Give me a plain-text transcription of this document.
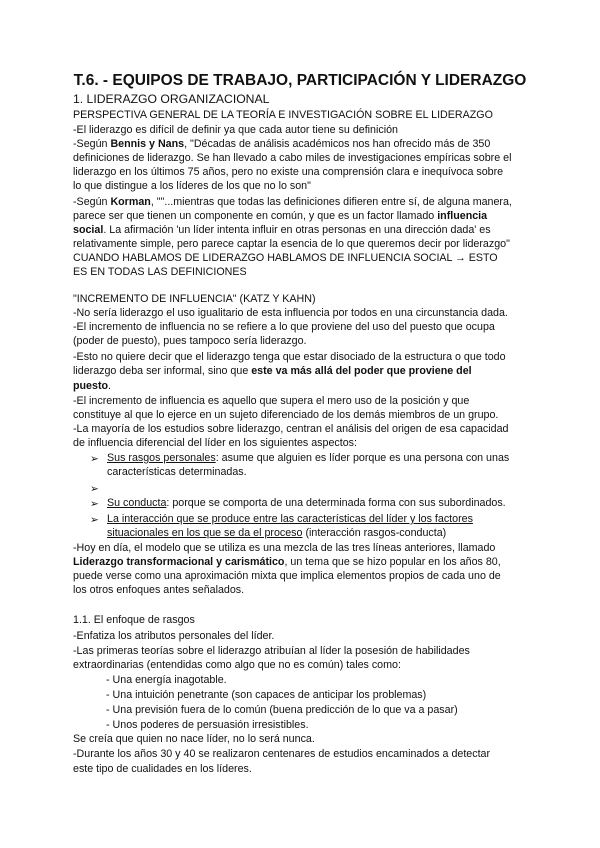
T.6. - EQUIPOS DE TRABAJO, PARTICIPACIÓN Y LIDERAZGO
1. LIDERAZGO ORGANIZACIONAL
PERSPECTIVA GENERAL DE LA TEORÍA E INVESTIGACIÓN SOBRE EL LIDERAZGO
-El liderazgo es difícil de definir ya que cada autor tiene su definición
-Según Bennis y Nans, "Décadas de análisis académicos nos han ofrecido más de 350
definiciones de liderazgo. Se han llevado a cabo miles de investigaciones empíricas sobre el
liderazgo en los últimos 75 años, pero no existe una comprensión clara e inequívoca sobre
lo que distingue a los líderes de los que no lo son"
-Según Korman, ""...mientras que todas las definiciones difieren entre sí, de alguna manera,
parece ser que tienen un componente en común, y que es un factor llamado influencia
social. La afirmación 'un líder intenta influir en otras personas en una dirección dada' es
relativamente simple, pero parece captar la esencia de lo que queremos decir por liderazgo"
CUANDO HABLAMOS DE LIDERAZGO HABLAMOS DE INFLUENCIA SOCIAL → ESTO
ES EN TODAS LAS DEFINICIONES
"INCREMENTO DE INFLUENCIA" (KATZ Y KAHN)
-No sería liderazgo el uso igualitario de esta influencia por todos en una circunstancia dada.
-El incremento de influencia no se refiere a lo que proviene del uso del puesto que ocupa
(poder de puesto), pues tampoco sería liderazgo.
-Esto no quiere decir que el liderazgo tenga que estar disociado de la estructura o que todo
liderazgo deba ser informal, sino que este va más allá del poder que proviene del
puesto.
-El incremento de influencia es aquello que supera el mero uso de la posición y que
constituye al que lo ejerce en un sujeto diferenciado de los demás miembros de un grupo.
-La mayoría de los estudios sobre liderazgo, centran el análisis del origen de esa capacidad
de influencia diferencial del líder en los siguientes aspectos:
➢ Sus rasgos personales: asume que alguien es líder porque es una persona con unas
características determinadas.
➢
➢ Su conducta: porque se comporta de una determinada forma con sus subordinados.
➢ La interacción que se produce entre las características del líder y los factores
situacionales en los que se da el proceso (interacción rasgos-conducta)
-Hoy en día, el modelo que se utiliza es una mezcla de las tres líneas anteriores, llamado
Liderazgo transformacional y carismático, un tema que se hizo popular en los años 80,
puede verse como una aproximación mixta que implica elementos propios de cada uno de
los otros enfoques antes señalados.
1.1. El enfoque de rasgos
-Enfatiza los atributos personales del líder.
-Las primeras teorías sobre el liderazgo atribuían al líder la posesión de habilidades
extraordinarias (entendidas como algo que no es común) tales como:
- Una energía inagotable.
- Una intuición penetrante (son capaces de anticipar los problemas)
- Una previsión fuera de lo común (buena predicción de lo que va a pasar)
- Unos poderes de persuasión irresistibles.
Se creía que quien no nace líder, no lo será nunca.
-Durante los años 30 y 40 se realizaron centenares de estudios encaminados a detectar
este tipo de cualidades en los líderes.
